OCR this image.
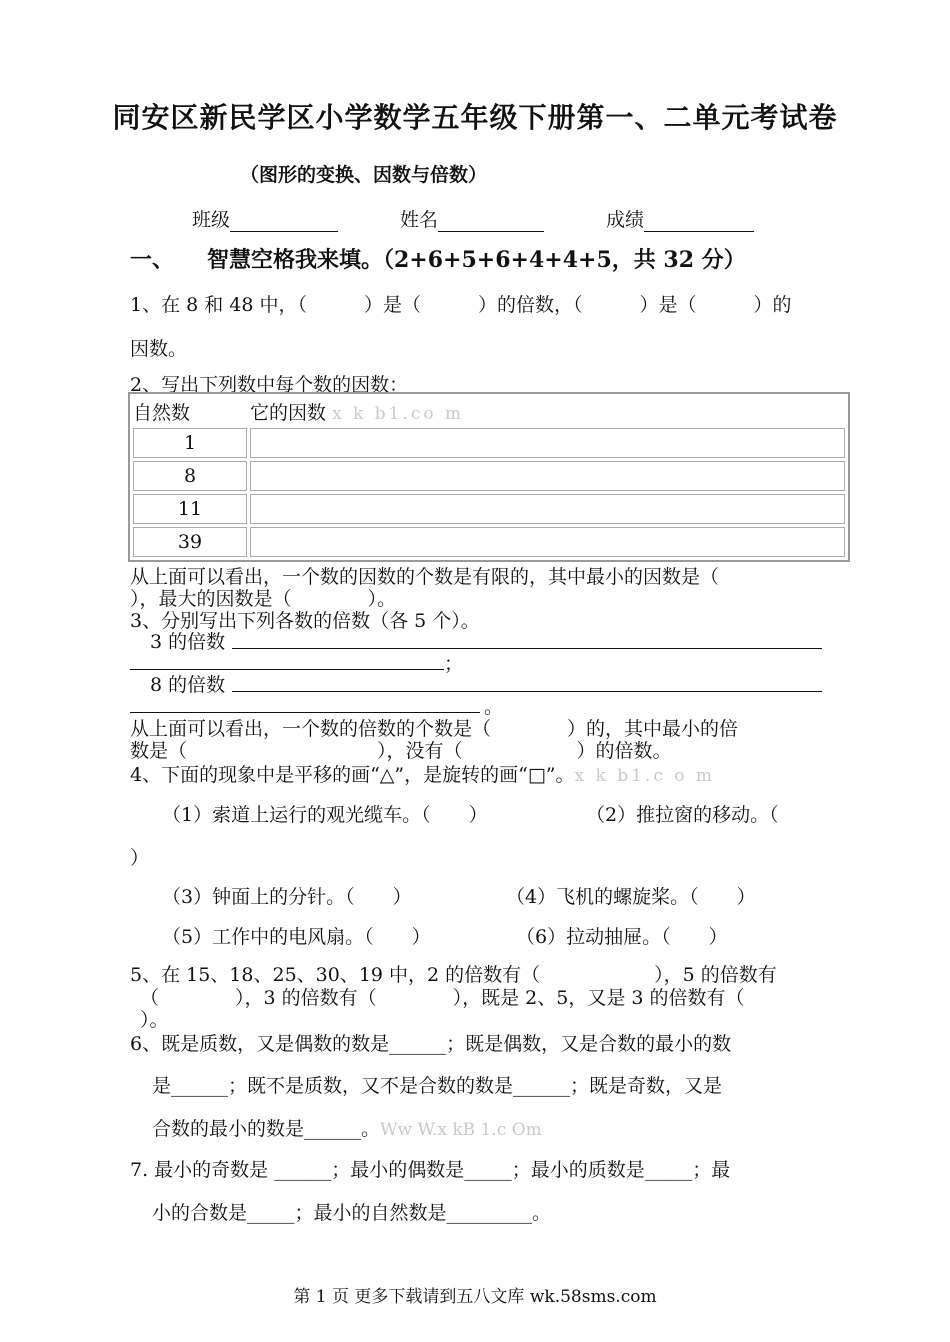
同安区新民学区小学数学五年级下册第一、二单元考试卷
（图形的变换、因数与倍数）
班级	姓名	成绩
一、　　智慧空格我来填。（2+6+5+6+4+4+5，共 32 分）
1、在 8 和 48 中，（　　　）是（　　　）的倍数，（　　　）是（　　　）的
因数。
2、写出下列数中每个数的因数：
自然数	它的因数 x k b1.co m
1	
8	
11	
39	
从上面可以看出，一个数的因数的个数是有限的，其中最小的因数是（
），最大的因数是（　　　　）。
3、分别写出下列各数的倍数（各 5 个）。
3 的倍数
；
8 的倍数
。
从上面可以看出，一个数的倍数的个数是（　　　　）的，其中最小的倍
数是（　　　　　　　　　　），没有（　　　　　　）的倍数。
4、下面的现象中是平移的画“△”，是旋转的画“□”。x k b1.c o m
（1）索道上运行的观光缆车。（　　）	（2）推拉窗的移动。（
）
（3）钟面上的分针。（　　）	（4）飞机的螺旋桨。（　　）
（5）工作中的电风扇。（　　）	（6）拉动抽屉。（　　）
5、在 15、18、25、30、19 中，2 的倍数有（　　　　　　），5 的倍数有
（　　　　），3 的倍数有（　　　　），既是 2、5，又是 3 的倍数有（
）。
6、既是质数，又是偶数的数是______；既是偶数，又是合数的最小的数
是______；既不是质数，又不是合数的数是______；既是奇数，又是
合数的最小的数是______。Ww W.x kB 1.c Om
7. 最小的奇数是 ______；最小的偶数是_____；最小的质数是_____；最
小的合数是_____；最小的自然数是_________。
第 1 页 更多下载请到五八文库 wk.58sms.com
